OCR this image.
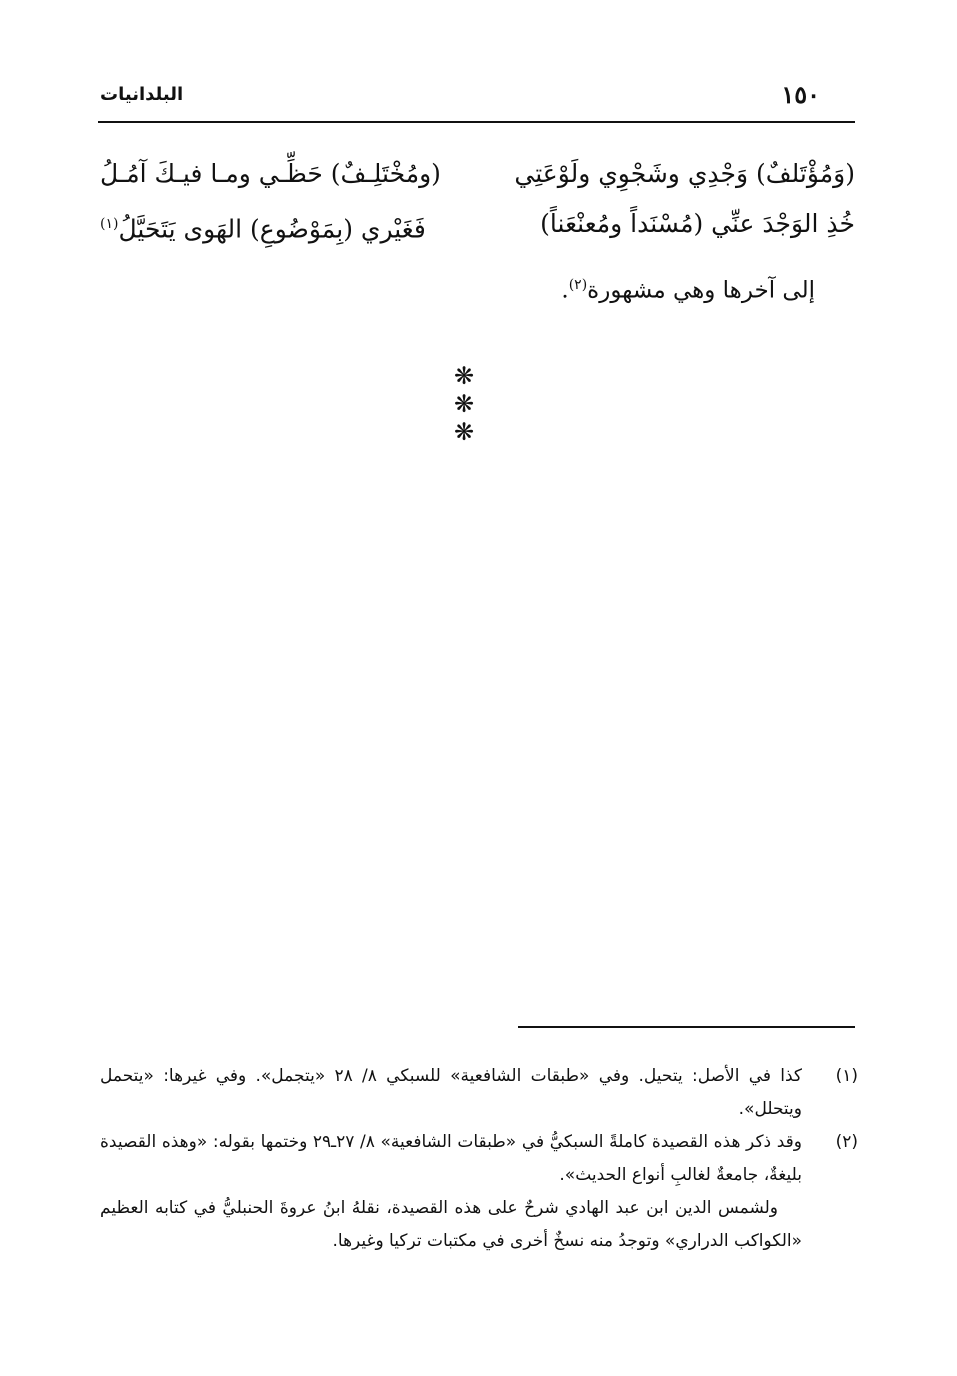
١٥٠
البلدانيات
(وَمُؤْتَلفٌ) وَجْدِي وشَجْوِي ولَوْعَتِي
(ومُخْتَلِـفٌ) حَظِّـي ومـا فيـكَ آمُـلُ
خُذِ الوَجْدَ عنِّي (مُسْنَداً ومُعنْعَناً)
فَغَيْري (بِمَوْضُوعِ) الهَوى يَتَحَيَّلُ$^{(١)}$
إلى آخرها وهي مشهورة$^{(٢)}$.
❋ ❋ ❋
(١)
كذا في الأصل: يتحيل. وفي «طبقات الشافعية» للسبكي ٨/ ٢٨ «يتجمل». وفي غيرها: «يتحمل ويتحلل».
(٢)
وقد ذكر هذه القصيدة كاملةً السبكيُّ في «طبقات الشافعية» ٨/ ٢٧ـ٢٩ وختمها بقوله: «وهذه القصيدة بليغةٌ، جامعةٌ لغالبِ أنواع الحديث».
ولشمس الدين ابن عبد الهادي شرحٌ على هذه القصيدة، نقلهُ ابنُ عروةَ الحنبليُّ في كتابه العظيم «الكواكب الدراري» وتوجدُ منه نسخٌ أخرى في مكتبات تركيا وغيرها.
